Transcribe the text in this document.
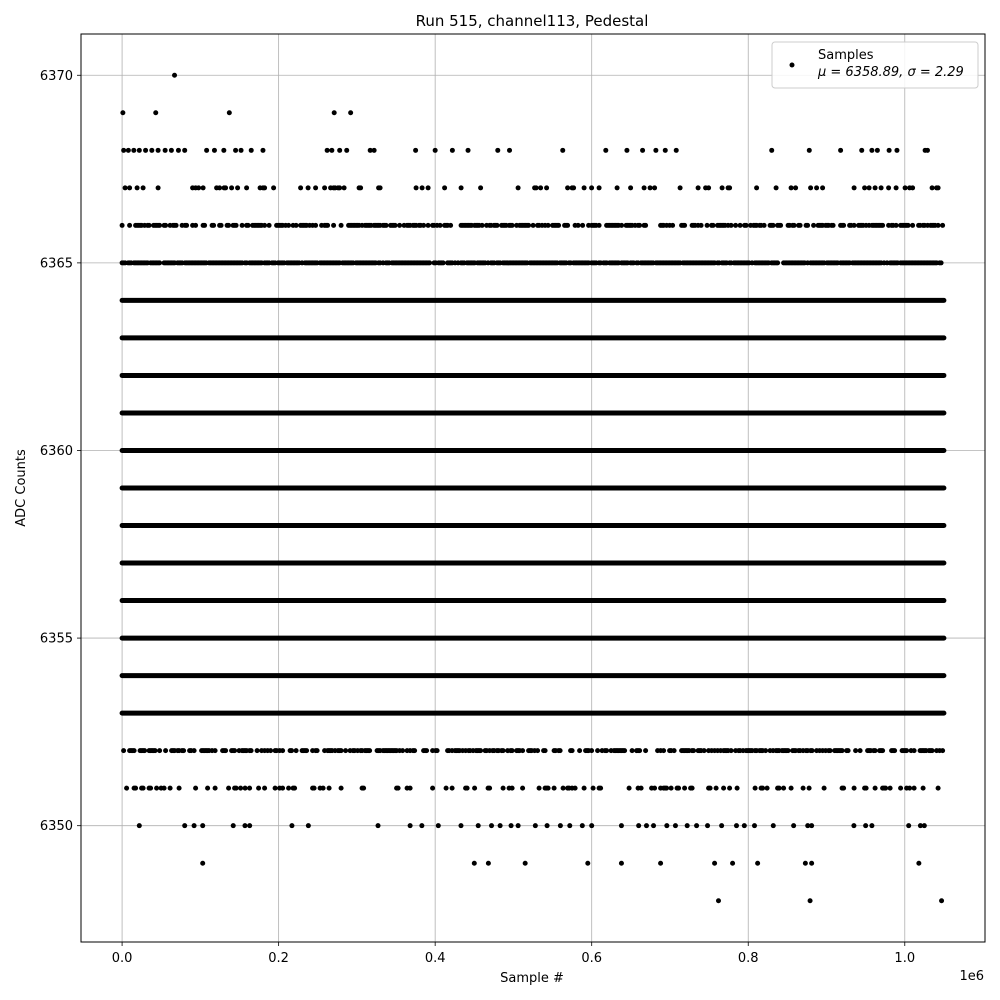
Run 515, channel113, Pedestal
0.0	0.2	0.4	0.6	0.8	1.0
6350
6355
6360
6365
6370
1e6
Sample #
ADC Counts
Samples
μ = 6358.89, σ = 2.29
